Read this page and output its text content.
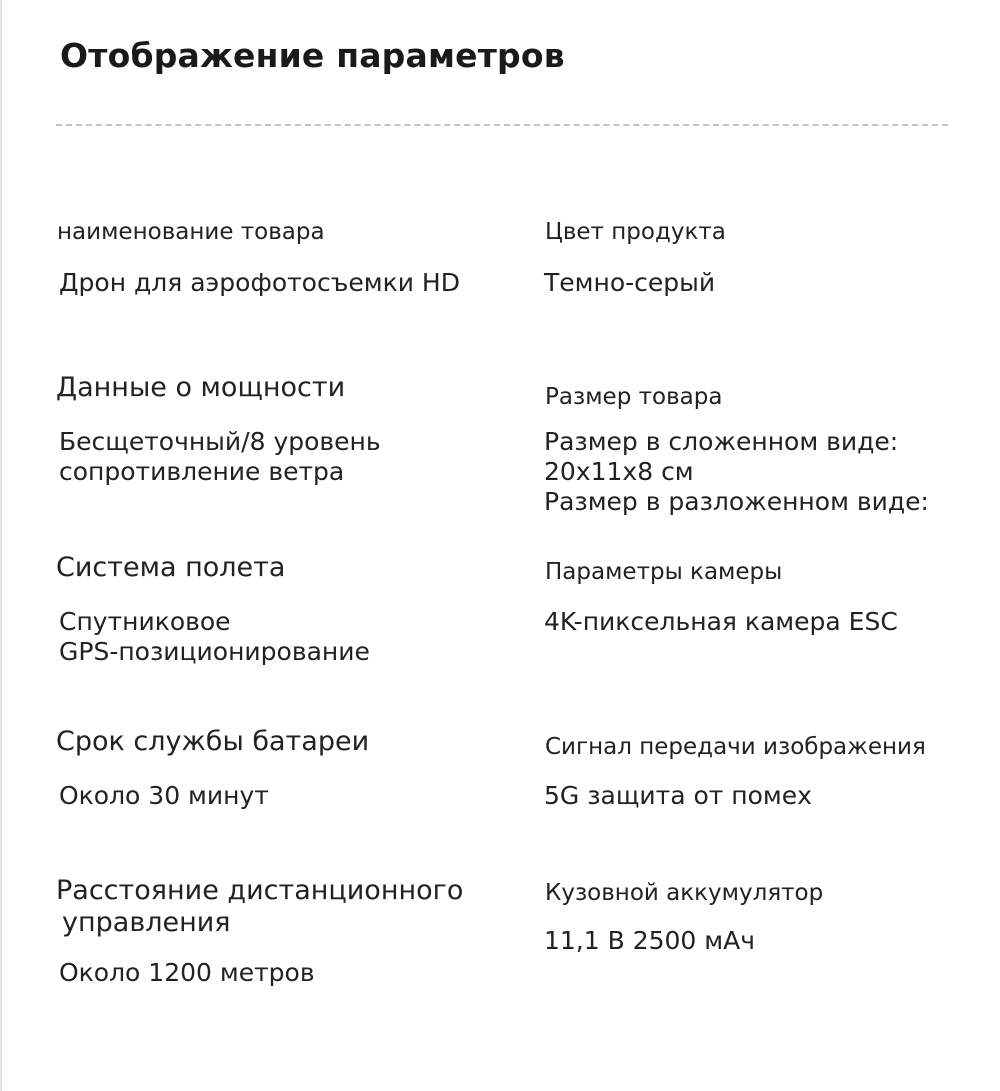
Отображение параметров
наименование товара
Дрон для аэрофотосъемки HD
Цвет продукта
Темно-серый
Данные о мощности
Бесщеточный/8 уровень
сопротивление ветра
Размер товара
Размер в сложенном виде:
20x11x8 см
Размер в разложенном виде:
Система полета
Спутниковое
GPS-позиционирование
Параметры камеры
4K-пиксельная камера ESC
Срок службы батареи
Около 30 минут
Сигнал передачи изображения
5G защита от помех
Расстояние дистанционного
управления
Около 1200 метров
Кузовной аккумулятор
11,1 В 2500 мАч
